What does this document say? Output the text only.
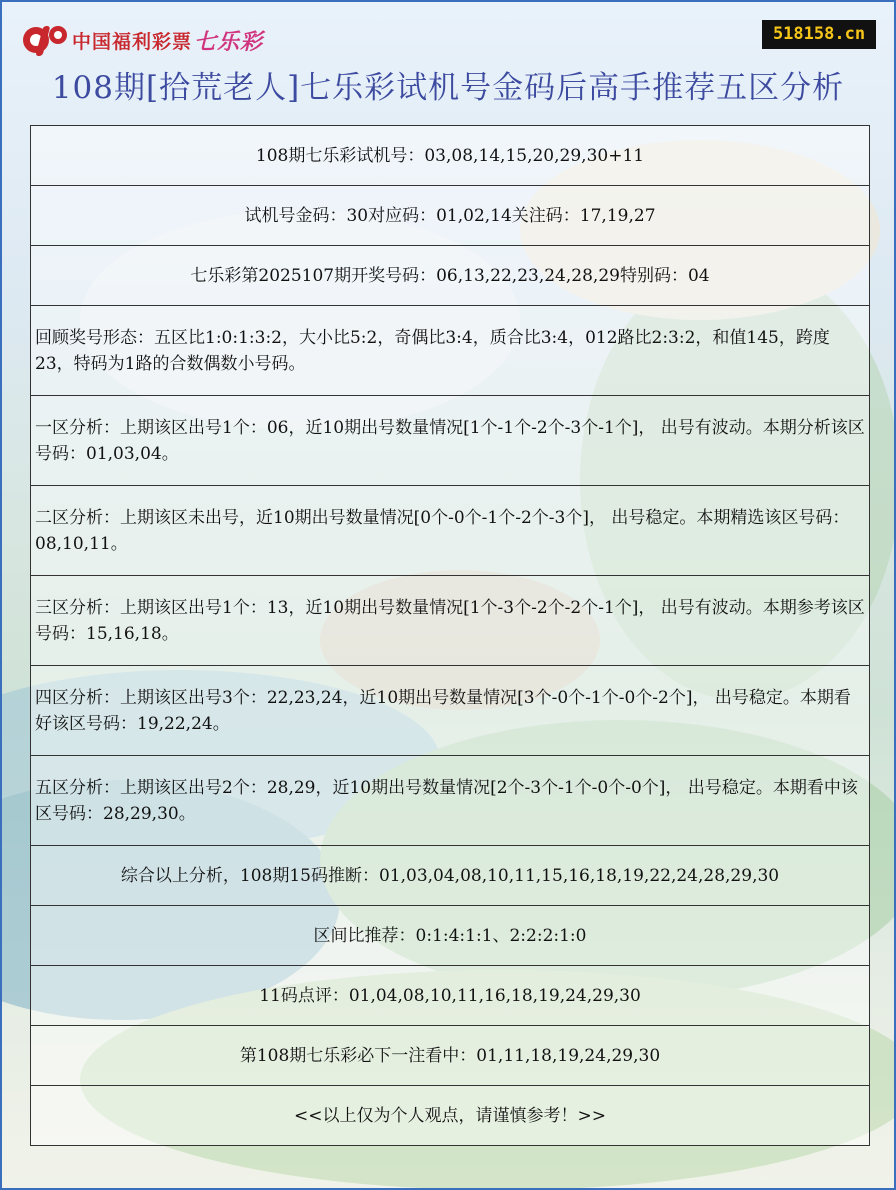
中国福利彩票 七乐彩	518158.cn
108期[拾荒老人]七乐彩试机号金码后高手推荐五区分析
108期七乐彩试机号：03,08,14,15,20,29,30+11
试机号金码：30对应码：01,02,14关注码：17,19,27
七乐彩第2025107期开奖号码：06,13,22,23,24,28,29特别码：04
回顾奖号形态：五区比1:0:1:3:2，大小比5:2，奇偶比3:4，质合比3:4，012路比2:3:2，和值145，跨度23，特码为1路的合数偶数小号码。
一区分析：上期该区出号1个：06，近10期出号数量情况[1个-1个-2个-3个-1个]， 出号有波动。本期分析该区号码：01,03,04。
二区分析：上期该区未出号，近10期出号数量情况[0个-0个-1个-2个-3个]， 出号稳定。本期精选该区号码：08,10,11。
三区分析：上期该区出号1个：13，近10期出号数量情况[1个-3个-2个-2个-1个]， 出号有波动。本期参考该区号码：15,16,18。
四区分析：上期该区出号3个：22,23,24，近10期出号数量情况[3个-0个-1个-0个-2个]， 出号稳定。本期看好该区号码：19,22,24。
五区分析：上期该区出号2个：28,29，近10期出号数量情况[2个-3个-1个-0个-0个]， 出号稳定。本期看中该区号码：28,29,30。
综合以上分析，108期15码推断：01,03,04,08,10,11,15,16,18,19,22,24,28,29,30
区间比推荐：0:1:4:1:1、2:2:2:1:0
11码点评：01,04,08,10,11,16,18,19,24,29,30
第108期七乐彩必下一注看中：01,11,18,19,24,29,30
<<以上仅为个人观点，请谨慎参考！>>
